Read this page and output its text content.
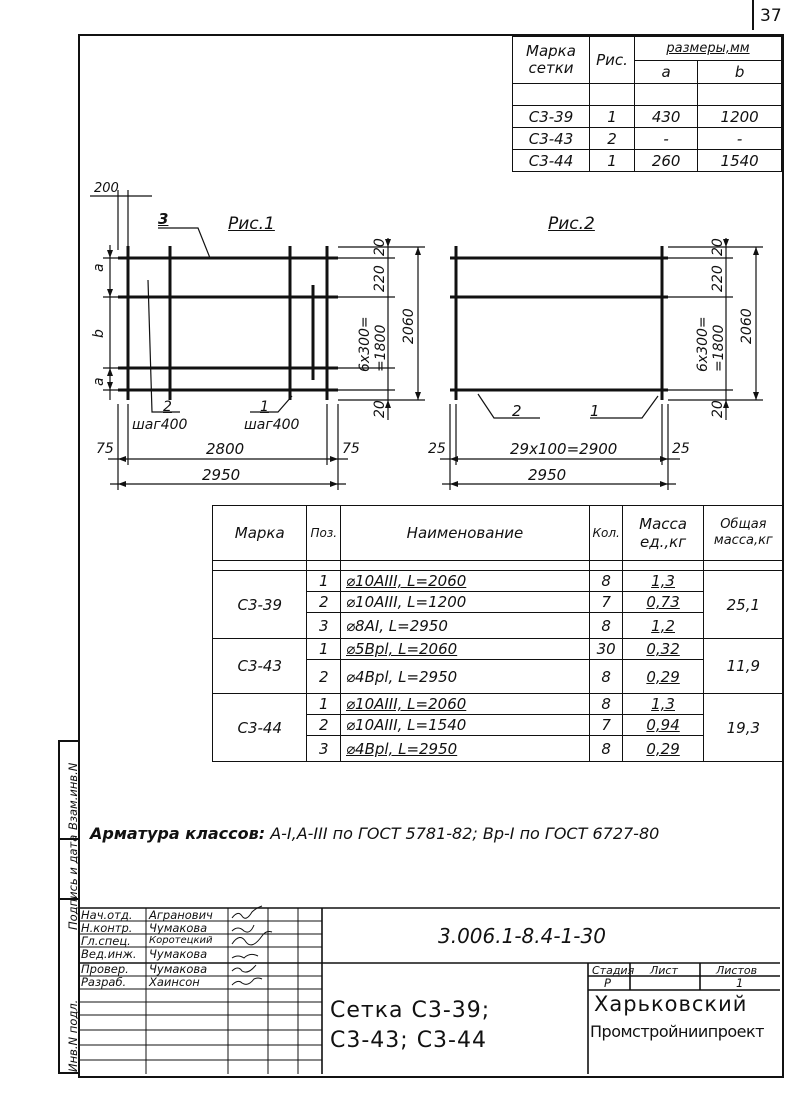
37
Инв.N подл.
Подпись и дата
Взам.инв.N
Марка сетки	Рис.	размеры,мм	
		a	b

С3-39	1	430	1200
С3-43	2	-	-
С3-44	1	260	1540
Рис.1
3
200
a
b
a
2
шаг400
1
шаг400
20
220
6х300= =1800 2060
20
75	2800	75
2950
Рис.2
20
220
6х300= =1800 2060
20
2	1
25	29х100=2900	25
2950
Марка	Поз.	Наименование	Кол.	Масса ед.,кг	Общая масса,кг

С3-39	1	⌀10АIII, L=2060	8	1,3	25,1
	2	⌀10АIII, L=1200	7	0,73	
	3	⌀8АI, L=2950	8	1,2	
С3-43	1	⌀5Вpl, L=2060	30	0,32	11,9
	2	⌀4Вpl, L=2950	8	0,29	
С3-44	1	⌀10АIII, L=2060	8	1,3	19,3
	2	⌀10АIII, L=1540	7	0,94	
	3	⌀4Вpl, L=2950	8	0,29	
Арматура классов: А-I,А-III по ГОСТ 5781-82; Вр-I по ГОСТ 6727-80
3.006.1-8.4-1-30
Нач.отд. Агранович
Н.контр. Чумакова
Гл.спец. Коротецкий
Вед.инж. Чумакова
Провер. Чумакова
Разраб. Хаинсон
Сетка С3-39;
С3-43; С3-44
Стадия Лист	Листов
Р	1
Харьковский
Промстройниипроект
